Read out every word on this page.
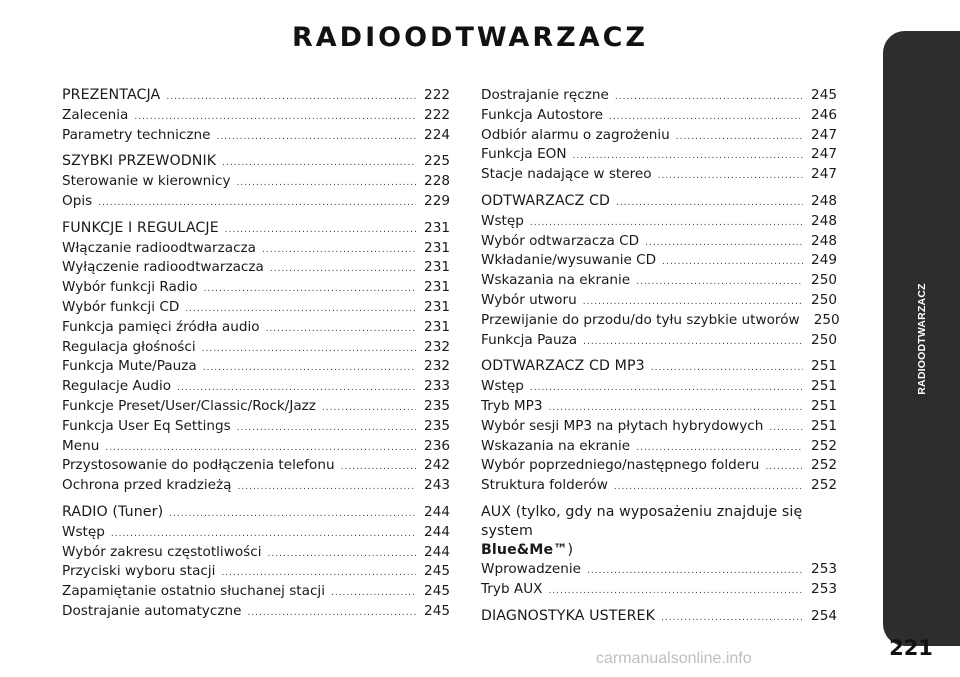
RADIOODTWARZACZ
PREZENTACJA .....	222
Zalecenia .....	222
Parametry techniczne .....	224
SZYBKI PRZEWODNIK .....	225
Sterowanie w kierownicy .....	228
Opis .....	229
FUNKCJE I REGULACJE .....	231
Włączanie radioodtwarzacza .....	231
Wyłączenie radioodtwarzacza .....	231
Wybór funkcji Radio .....	231
Wybór funkcji CD .....	231
Funkcja pamięci źródła audio .....	231
Regulacja głośności .....	232
Funkcja Mute/Pauza .....	232
Regulacje Audio .....	233
Funkcje Preset/User/Classic/Rock/Jazz .....	235
Funkcja User Eq Settings .....	235
Menu .....	236
Przystosowanie do podłączenia telefonu .....	242
Ochrona przed kradzieżą .....	243
RADIO (Tuner) .....	244
Wstęp .....	244
Wybór zakresu częstotliwości .....	244
Przyciski wyboru stacji .....	245
Zapamiętanie ostatnio słuchanej stacji .....	245
Dostrajanie automatyczne .....	245
Dostrajanie ręczne .....	245
Funkcja Autostore .....	246
Odbiór alarmu o zagrożeniu .....	247
Funkcja EON .....	247
Stacje nadające w stereo .....	247
ODTWARZACZ CD .....	248
Wstęp .....	248
Wybór odtwarzacza CD .....	248
Wkładanie/wysuwanie CD .....	249
Wskazania na ekranie .....	250
Wybór utworu .....	250
Przewijanie do przodu/do tyłu szybkie utworów 250
Funkcja Pauza .....	250
ODTWARZACZ CD MP3 .....	251
Wstęp .....	251
Tryb MP3 .....	251
Wybór sesji MP3 na płytach hybrydowych .....	251
Wskazania na ekranie .....	252
Wybór poprzedniego/następnego folderu .....	252
Struktura folderów .....	252
AUX (tylko, gdy na wyposażeniu znajduje się system
Blue&Me™)
Wprowadzenie .....	253
Tryb AUX .....	253
DIAGNOSTYKA USTEREK .....	254
RADIOODTWARZACZ
221
carmanualsonline.info
